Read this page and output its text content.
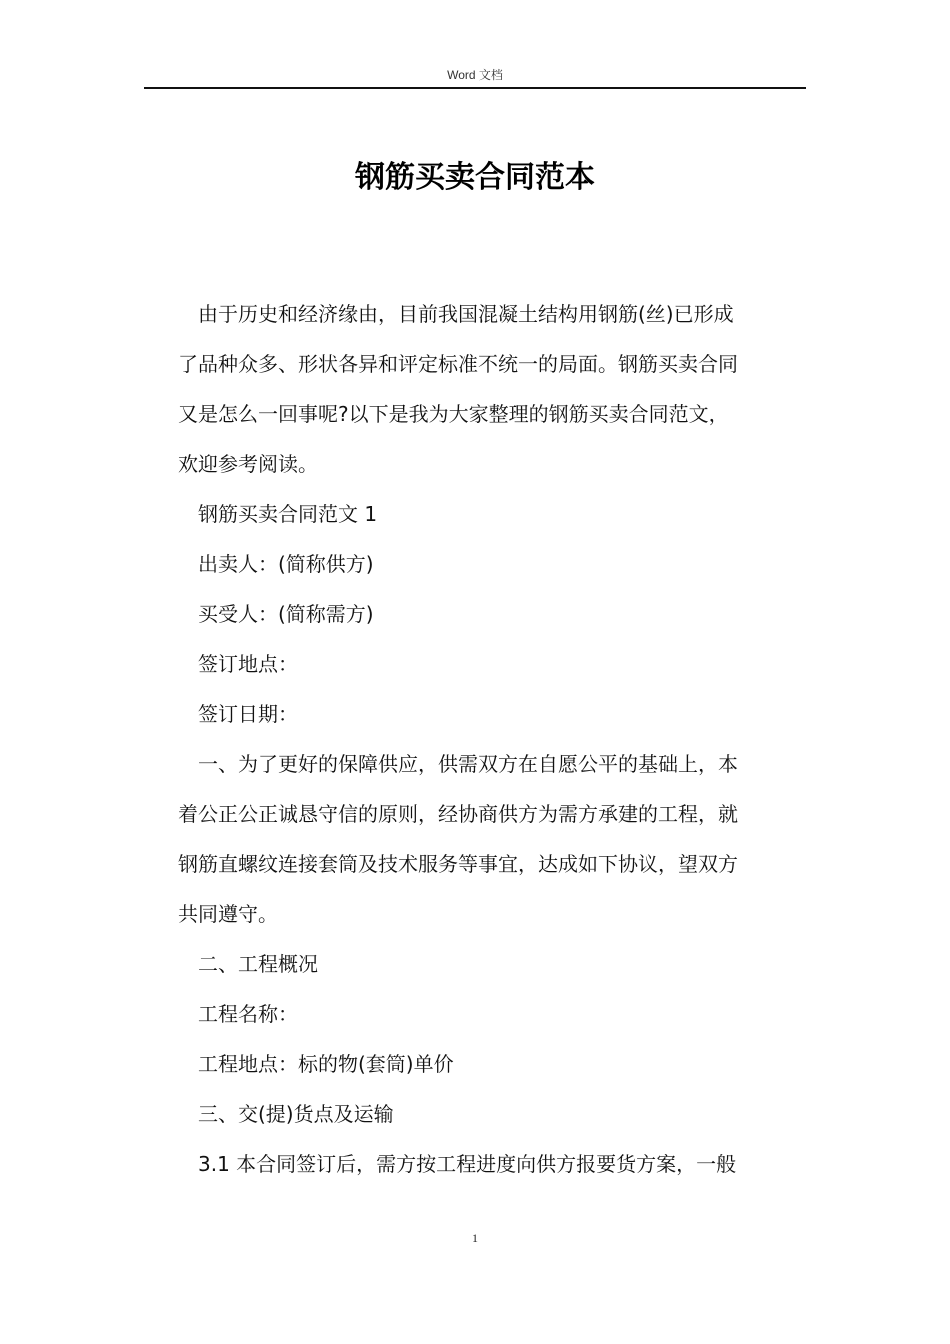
Word 文档
钢筋买卖合同范本

由于历史和经济缘由，目前我国混凝土结构用钢筋(丝)已形成
了品种众多、形状各异和评定标准不统一的局面。钢筋买卖合同
又是怎么一回事呢?以下是我为大家整理的钢筋买卖合同范文，
欢迎参考阅读。

钢筋买卖合同范文 1

出卖人：(简称供方)

买受人：(简称需方)

签订地点：

签订日期：

一、为了更好的保障供应，供需双方在自愿公平的基础上，本
着公正公正诚恳守信的原则，经协商供方为需方承建的工程，就
钢筋直螺纹连接套筒及技术服务等事宜，达成如下协议，望双方
共同遵守。

二、工程概况

工程名称：

工程地点：标的物(套筒)单价

三、交(提)货点及运输

3.1 本合同签订后，需方按工程进度向供方报要货方案，一般

1
